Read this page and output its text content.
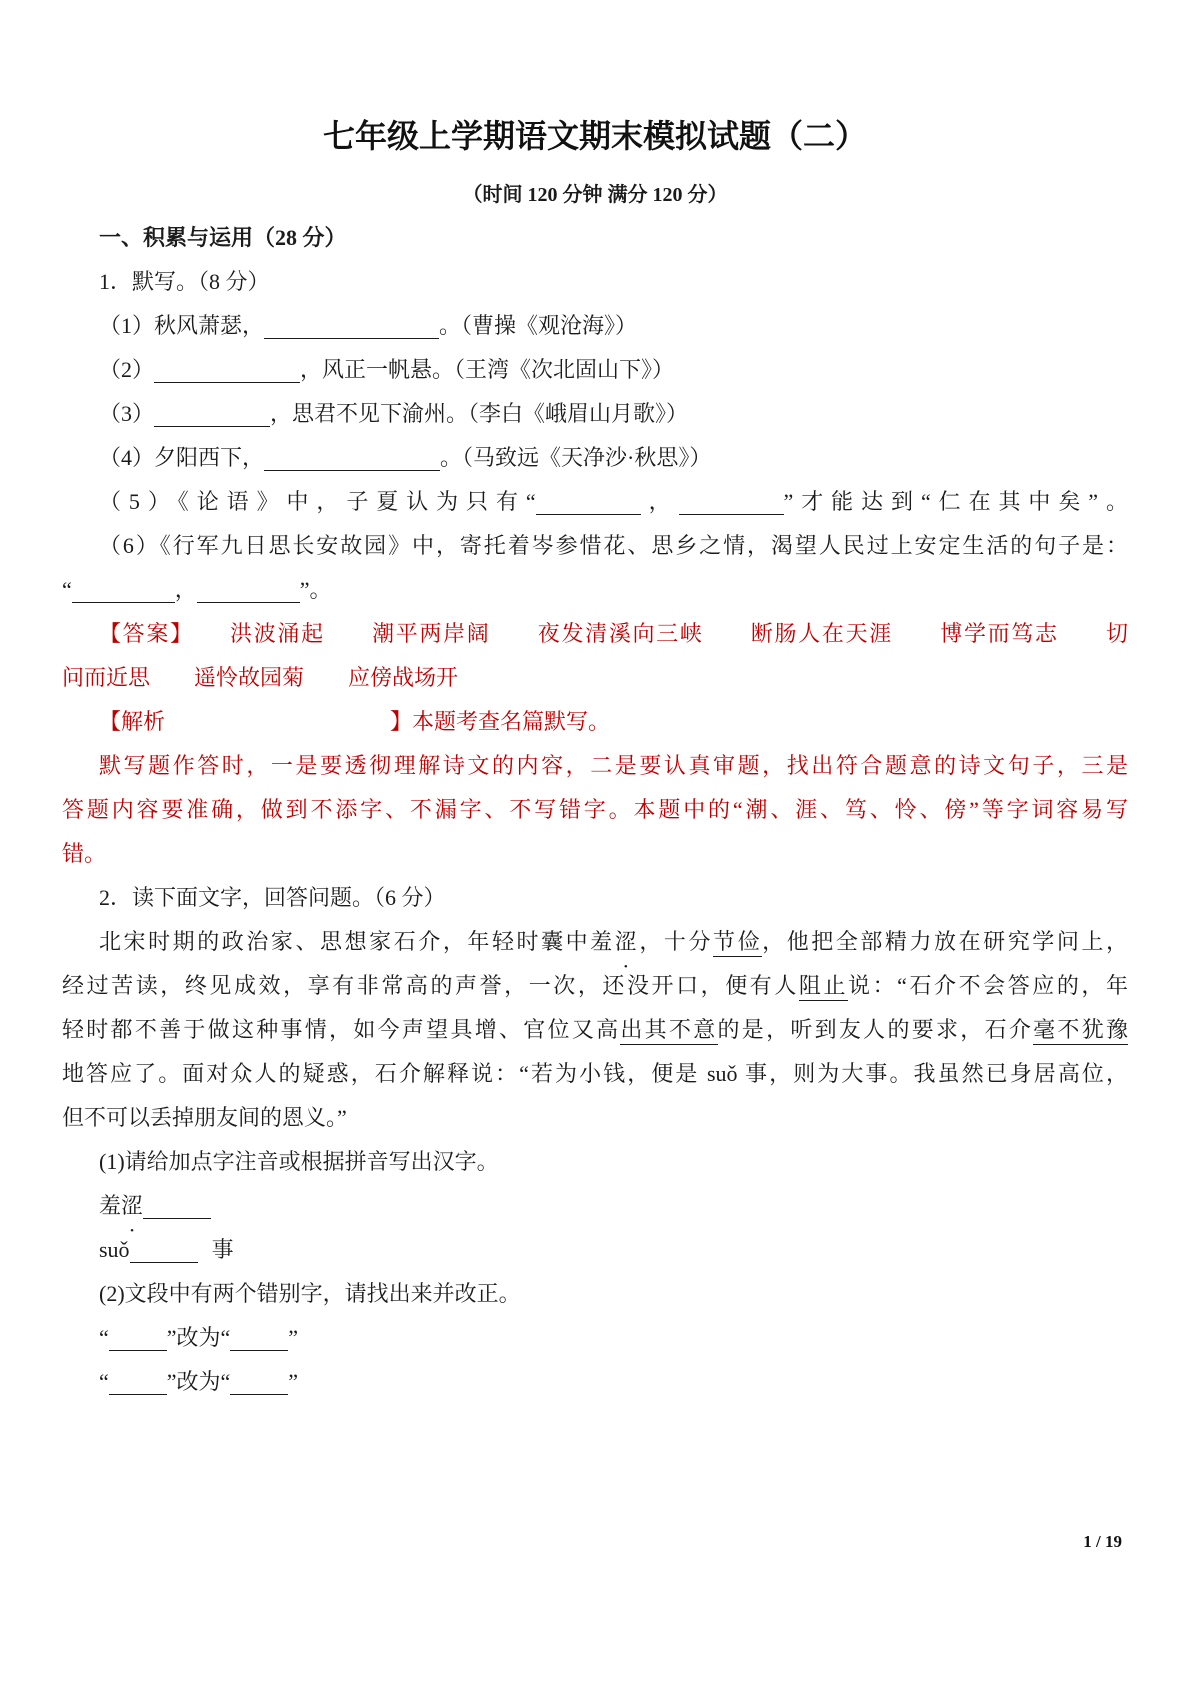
七年级上学期语文期末模拟试题（二）
（时间 120 分钟 满分 120 分）
一、积累与运用（28 分）
1．默写。（8 分）
（1）秋风萧瑟，	。（曹操《观沧海》）
（2）	，风正一帆悬。（王湾《次北固山下》）
（3）	，思君不见下渝州。（李白《峨眉山月歌》）
（4）夕阳西下，	。（马致远《天净沙·秋思》）
（5）《论语》中，子夏认为只有“	，	”才能达到“仁在其中矣”。
（6）《行军九日思长安故园》中，寄托着岑参惜花、思乡之情，渴望人民过上安定生活的句子是：
“	，	”。
【答案】　　洪波涌起　　潮平两岸阔　　夜发清溪向三峡　　断肠人在天涯　　博学而笃志　　切
问而近思　　遥怜故园菊　　应傍战场开
【解析	】本题考查名篇默写。
默写题作答时，一是要透彻理解诗文的内容，二是要认真审题，找出符合题意的诗文句子，三是
答题内容要准确，做到不添字、不漏字、不写错字。本题中的“潮、涯、笃、怜、傍”等字词容易写
错。
2．读下面文字，回答问题。（6 分）
北宋时期的政治家、思想家石介，年轻时囊中羞涩，十分节俭，他把全部精力放在研究学问上，
经过苦读，终见成效，享有非常高的声誉，一次，还没开口，便有人阻止说：“石介不会答应的，年
轻时都不善于做这种事情，如今声望具增、官位又高出其不意的是，听到友人的要求，石介毫不犹豫
地答应了。面对众人的疑惑，石介解释说：“若为小钱，便是 suǒ 事，则为大事。我虽然已身居高位，
但不可以丢掉朋友间的恩义。”
(1)请给加点字注音或根据拼音写出汉字。
羞涩
suǒ	事
(2)文段中有两个错别字，请找出来并改正。
“	”改为“	”
“	”改为“	”
1 / 19
